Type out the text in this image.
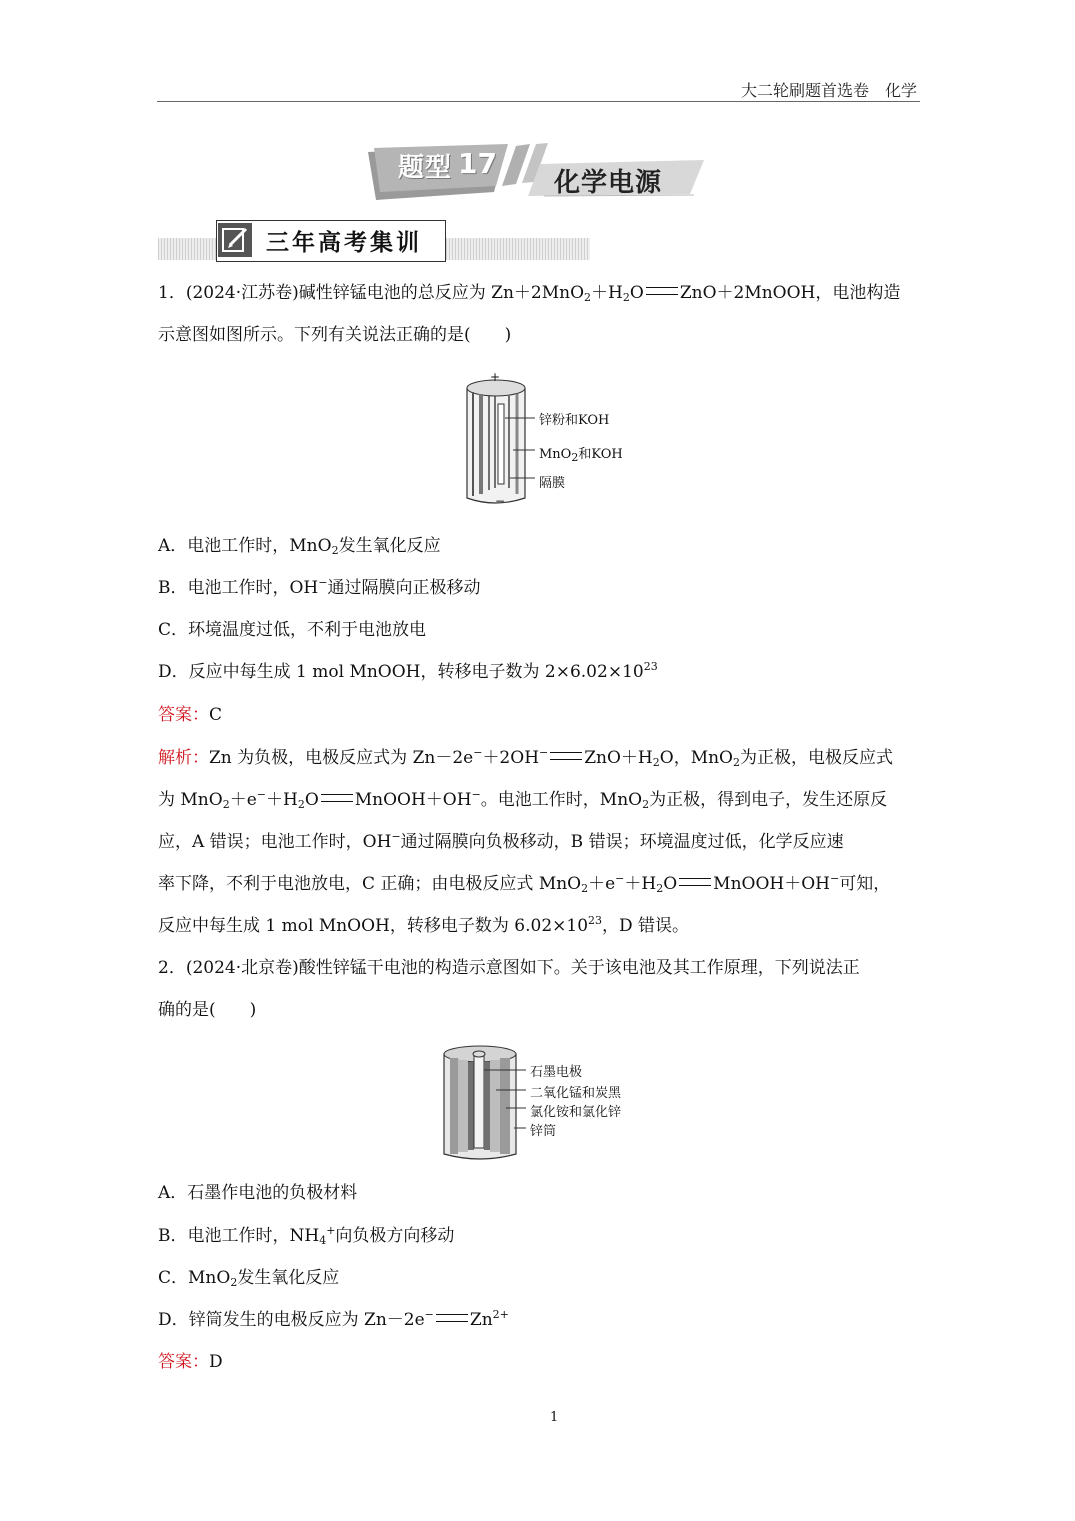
大二轮刷题首选卷　化学
题型 17
化学电源
三年高考集训
1．(2024·江苏卷)碱性锌锰电池的总反应为 $Zn+2MnO_2+H_2O$ ZnO＋2MnOOH，电池构造
示意图如图所示。下列有关说法正确的是(　　)
+
−
锌粉和KOH
MnO$_2$和KOH
隔膜
A．电池工作时，MnO$_2$发生氧化反应
B．电池工作时，OH−通过隔膜向正极移动
C．环境温度过低，不利于电池放电
D．反应中每生成 1 mol MnOOH，转移电子数为 $2\times 6.02\times 10^{23}$
答案：C
解析：Zn 为负极，电极反应式为 Zn－2e−＋2OH− $ZnO+H_2O$，MnO$_2$为正极，电极反应式
为 $MnO_2+e^-+H_2O$ MnOOH＋OH−。电池工作时，MnO$_2$为正极，得到电子，发生还原反
应，A 错误；电池工作时，OH−通过隔膜向负极移动，B 错误；环境温度过低，化学反应速
率下降，不利于电池放电，C 正确；由电极反应式 $MnO_2+e^-+H_2O$ MnOOH＋OH−可知，
反应中每生成 1 mol MnOOH，转移电子数为 $6.02\times 10^{23}$，D 错误。
2．(2024·北京卷)酸性锌锰干电池的构造示意图如下。关于该电池及其工作原理，下列说法正
确的是(　　)
石墨电极
二氧化锰和炭黑
氯化铵和氯化锌
锌筒
A．石墨作电池的负极材料
B．电池工作时，$NH_4^+$向负极方向移动
C．MnO$_2$发生氧化反应
D．锌筒发生的电极反应为 Zn－2e− $Zn^{2+}$
答案：D
1
